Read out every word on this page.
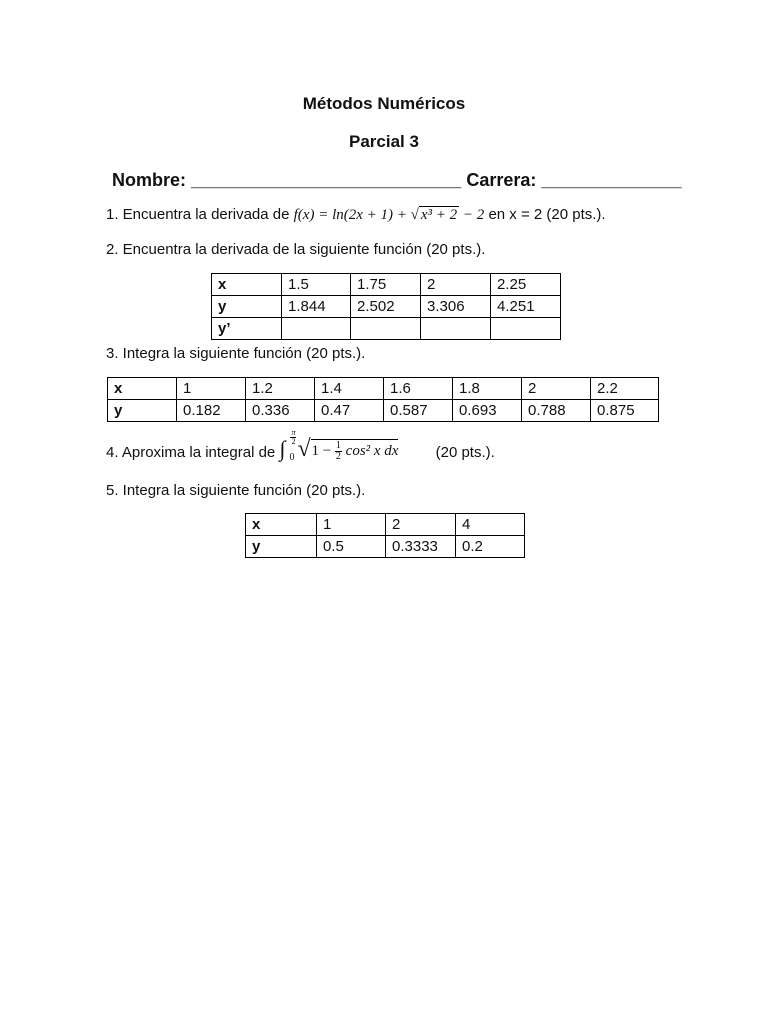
Métodos Numéricos
Parcial 3
Nombre: ___________________________ Carrera: ______________
1. Encuentra la derivada de f(x) = ln(2x + 1) + √ x³ + 2 − 2 en x = 2 (20 pts.).
2. Encuentra la derivada de la siguiente función (20 pts.).
x	1.5	1.75	2	2.25
y	1.844	2.502	3.306	4.251
y’				
3. Integra la siguiente función (20 pts.).
x	1	1.2	1.4	1.6	1.8	2	2.2
y	0.182	0.336	0.47	0.587	0.693	0.788	0.875
4. Aproxima la integral de ∫ $\frac{\pi}{2}$
0 √ $1 - \frac{1}{2} \cos^2$ x dx (20 pts.).
5. Integra la siguiente función (20 pts.).
x	1	2	4
y	0.5	0.3333	0.2
